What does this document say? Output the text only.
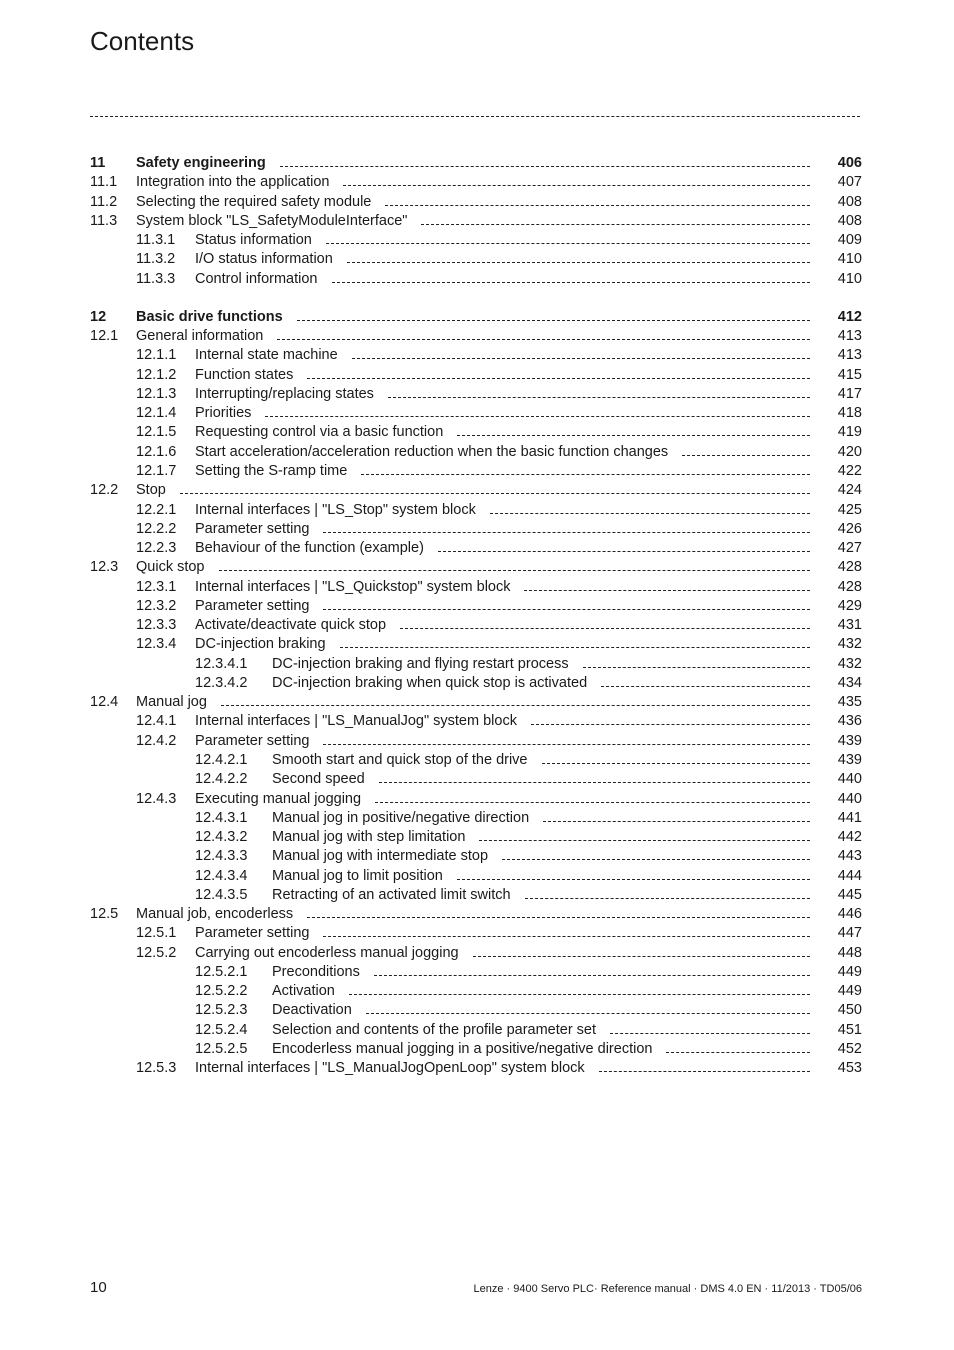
Contents
11 Safety engineering	406
11.1 Integration into the application	407
11.2 Selecting the required safety module	408
11.3 System block "LS_SafetyModuleInterface"	408
11.3.1 Status information	409
11.3.2 I/O status information	410
11.3.3 Control information	410
12 Basic drive functions	412
12.1 General information	413
12.1.1 Internal state machine	413
12.1.2 Function states	415
12.1.3 Interrupting/replacing states	417
12.1.4 Priorities	418
12.1.5 Requesting control via a basic function	419
12.1.6 Start acceleration/acceleration reduction when the basic function changes	420
12.1.7 Setting the S-ramp time	422
12.2 Stop	424
12.2.1 Internal interfaces | "LS_Stop" system block	425
12.2.2 Parameter setting	426
12.2.3 Behaviour of the function (example)	427
12.3 Quick stop	428
12.3.1 Internal interfaces | "LS_Quickstop" system block	428
12.3.2 Parameter setting	429
12.3.3 Activate/deactivate quick stop	431
12.3.4 DC-injection braking	432
12.3.4.1 DC-injection braking and flying restart process	432
12.3.4.2 DC-injection braking when quick stop is activated	434
12.4 Manual jog	435
12.4.1 Internal interfaces | "LS_ManualJog" system block	436
12.4.2 Parameter setting	439
12.4.2.1 Smooth start and quick stop of the drive	439
12.4.2.2 Second speed	440
12.4.3 Executing manual jogging	440
12.4.3.1 Manual jog in positive/negative direction	441
12.4.3.2 Manual jog with step limitation	442
12.4.3.3 Manual jog with intermediate stop	443
12.4.3.4 Manual jog to limit position	444
12.4.3.5 Retracting of an activated limit switch	445
12.5 Manual job, encoderless	446
12.5.1 Parameter setting	447
12.5.2 Carrying out encoderless manual jogging	448
12.5.2.1 Preconditions	449
12.5.2.2 Activation	449
12.5.2.3 Deactivation	450
12.5.2.4 Selection and contents of the profile parameter set	451
12.5.2.5 Encoderless manual jogging in a positive/negative direction	452
12.5.3 Internal interfaces | "LS_ManualJogOpenLoop" system block	453
10	Lenze · 9400 Servo PLC· Reference manual · DMS 4.0 EN · 11/2013 · TD05/06
